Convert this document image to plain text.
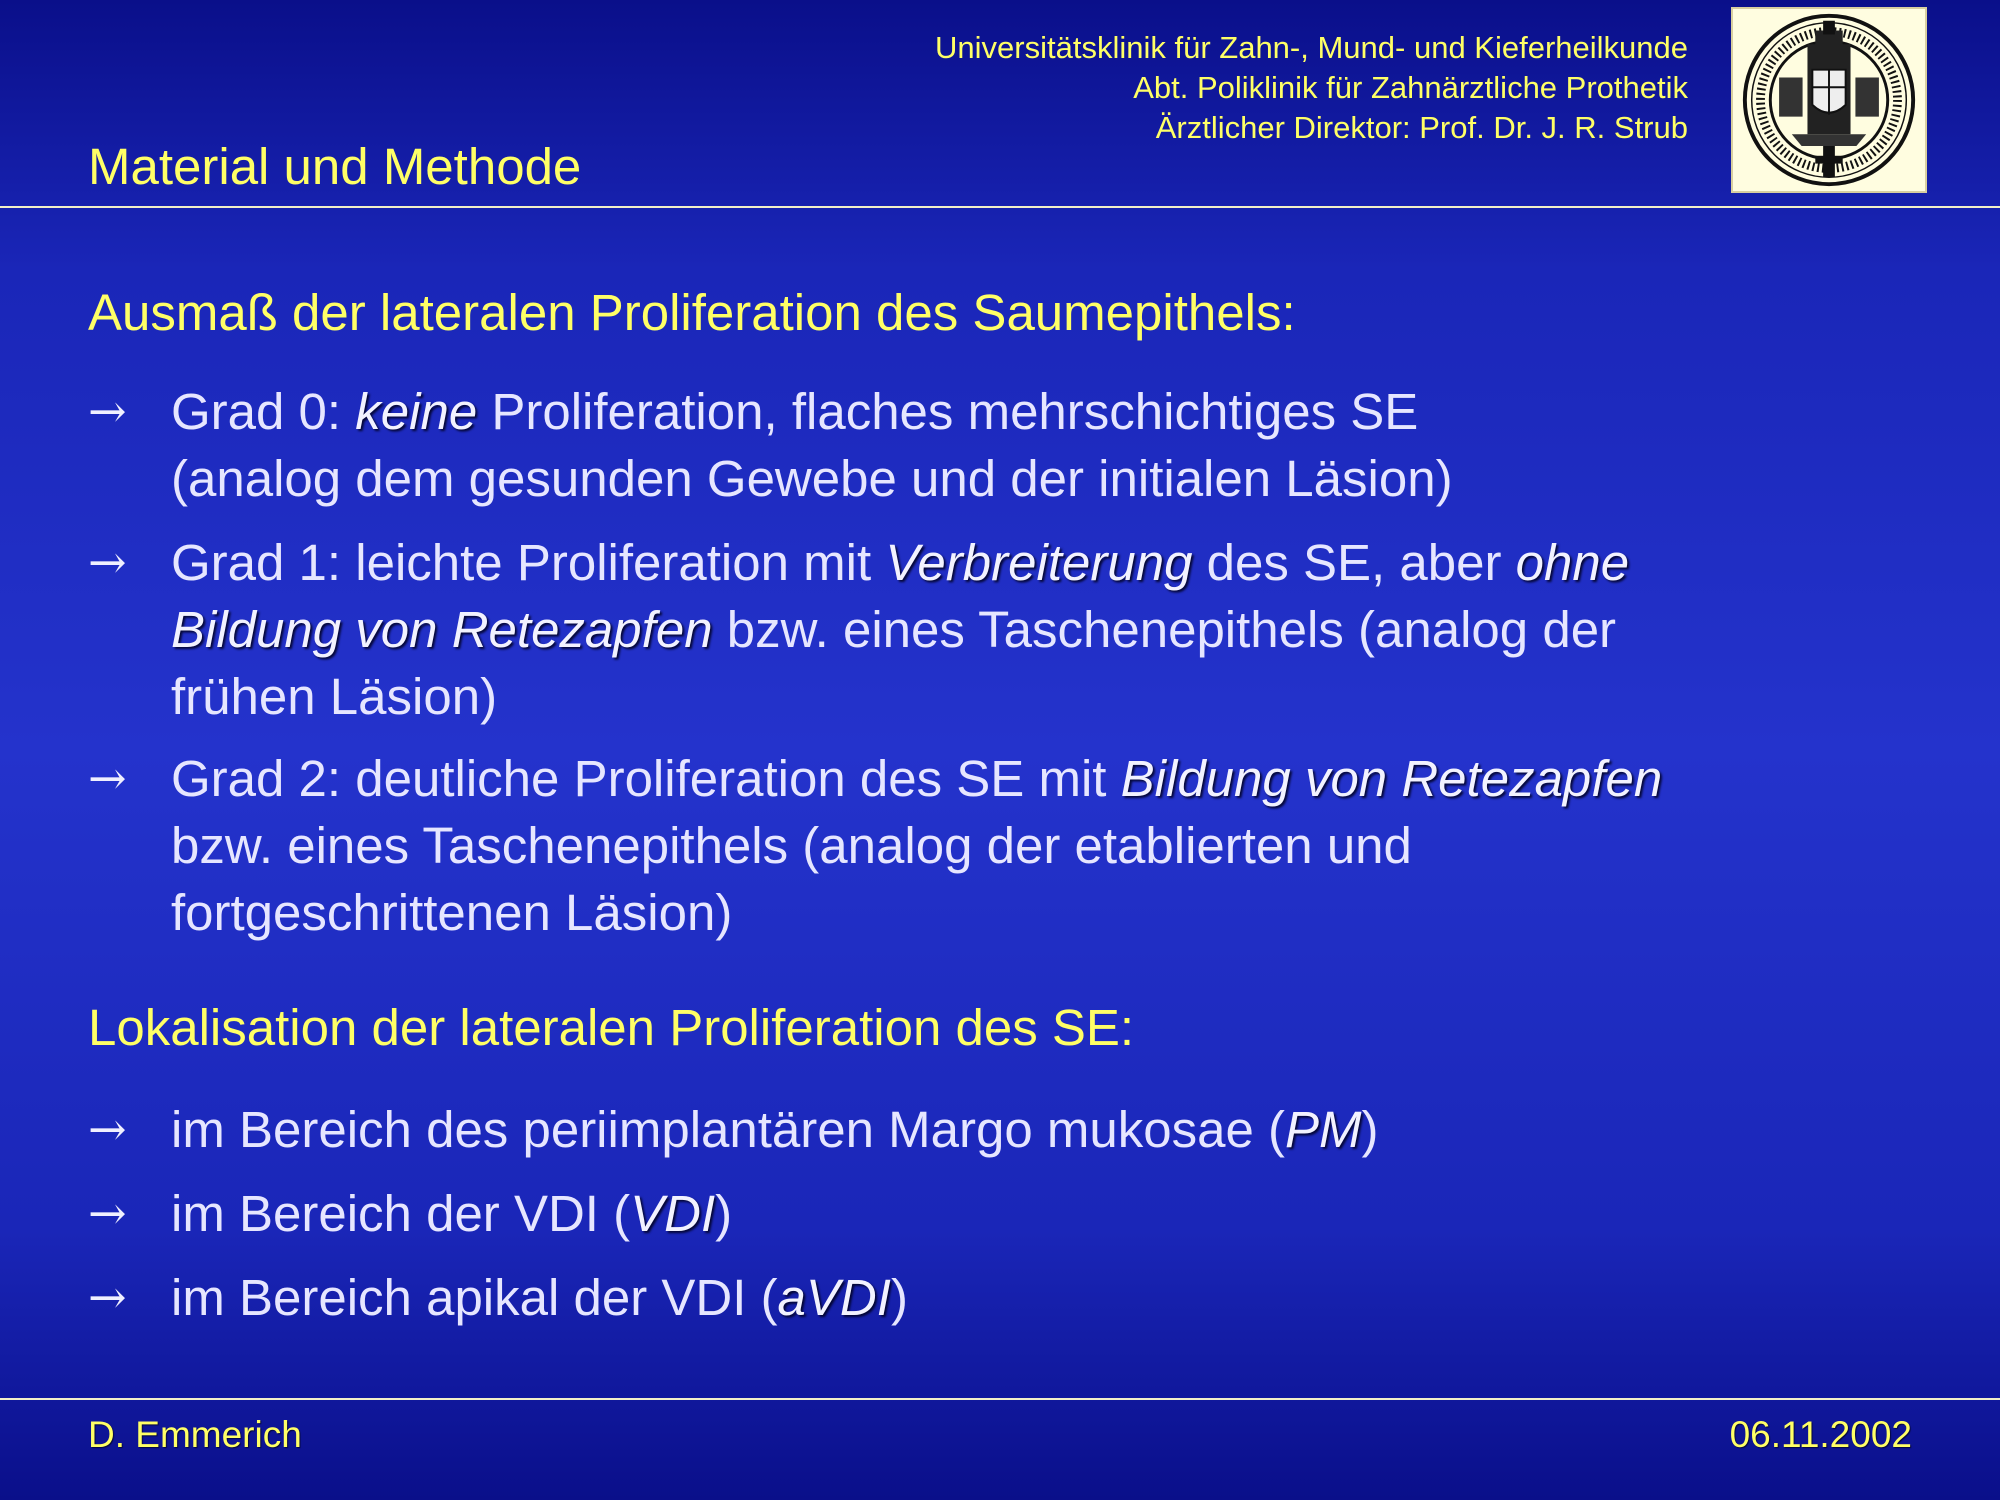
Universitätsklinik für Zahn-, Mund- und Kieferheilkunde
Abt. Poliklinik für Zahnärztliche Prothetik
Ärztlicher Direktor: Prof. Dr. J. R. Strub
Material und Methode
Ausmaß der lateralen Proliferation des Saumepithels:
→ Grad 0: keine Proliferation, flaches mehrschichtiges SE
(analog dem gesunden Gewebe und der initialen Läsion)
→ Grad 1: leichte Proliferation mit Verbreiterung des SE, aber ohne
Bildung von Retezapfen bzw. eines Taschenepithels (analog der
frühen Läsion)
→ Grad 2: deutliche Proliferation des SE mit Bildung von Retezapfen
bzw. eines Taschenepithels (analog der etablierten und
fortgeschrittenen Läsion)
Lokalisation der lateralen Proliferation des SE:
→ im Bereich des periimplantären Margo mukosae (PM)
→ im Bereich der VDI (VDI)
→ im Bereich apikal der VDI (aVDI)
D. Emmerich	06.11.2002
